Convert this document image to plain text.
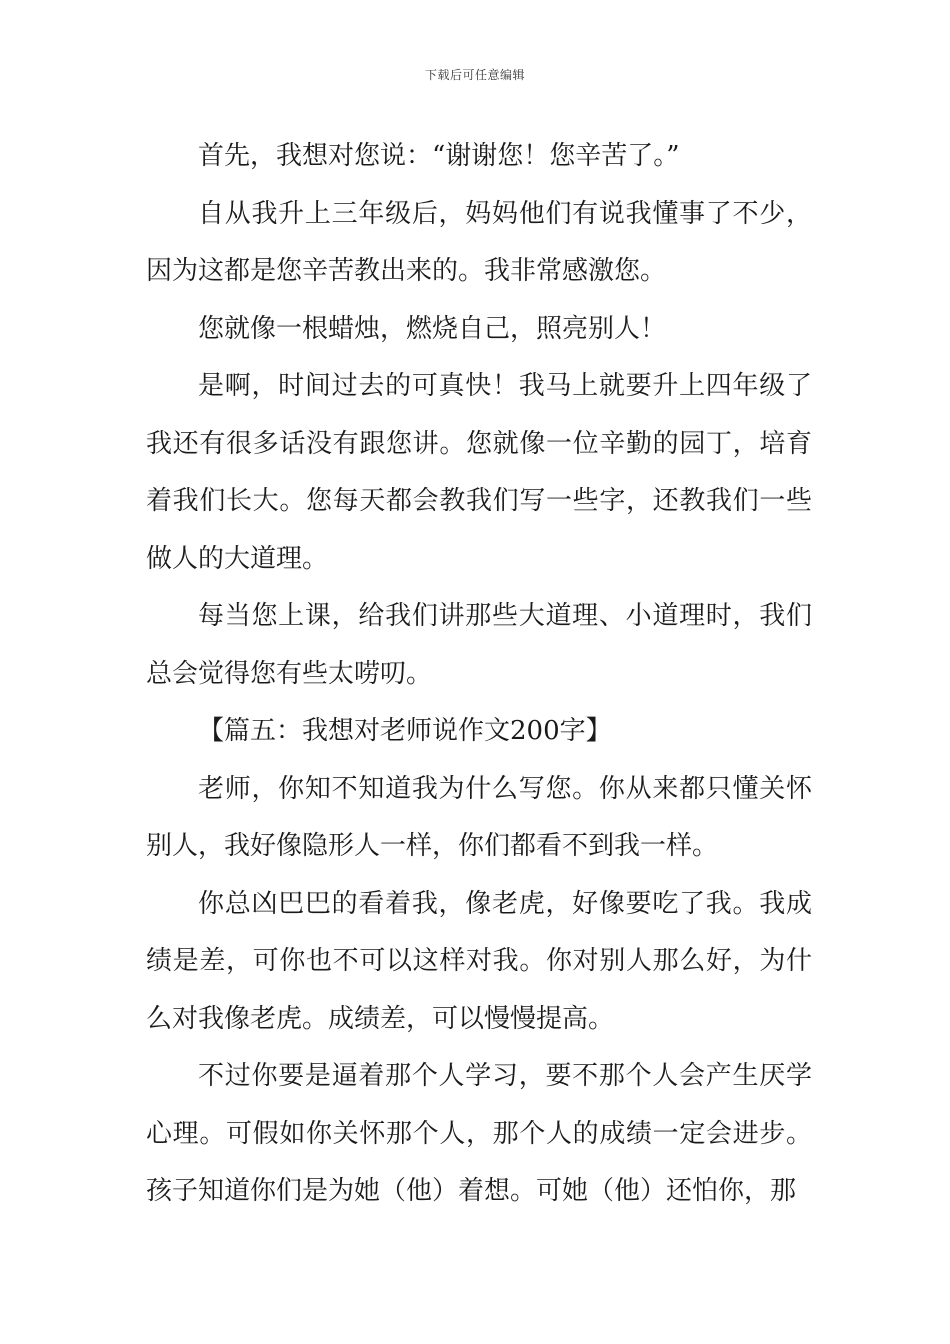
下载后可任意编辑

首先，我想对您说：“谢谢您！您辛苦了。”

自从我升上三年级后，妈妈他们有说我懂事了不少，因为这都是您辛苦教出来的。我非常感激您。

您就像一根蜡烛，燃烧自己，照亮别人！

是啊，时间过去的可真快！我马上就要升上四年级了我还有很多话没有跟您讲。您就像一位辛勤的园丁，培育着我们长大。您每天都会教我们写一些字，还教我们一些做人的大道理。

每当您上课，给我们讲那些大道理、小道理时，我们总会觉得您有些太唠叨。

【篇五：我想对老师说作文200字】

老师，你知不知道我为什么写您。你从来都只懂关怀别人，我好像隐形人一样，你们都看不到我一样。

你总凶巴巴的看着我，像老虎，好像要吃了我。我成绩是差，可你也不可以这样对我。你对别人那么好，为什么对我像老虎。成绩差，可以慢慢提高。

不过你要是逼着那个人学习，要不那个人会产生厌学心理。可假如你关怀那个人，那个人的成绩一定会进步。孩子知道你们是为她（他）着想。可她（他）还怕你，那
